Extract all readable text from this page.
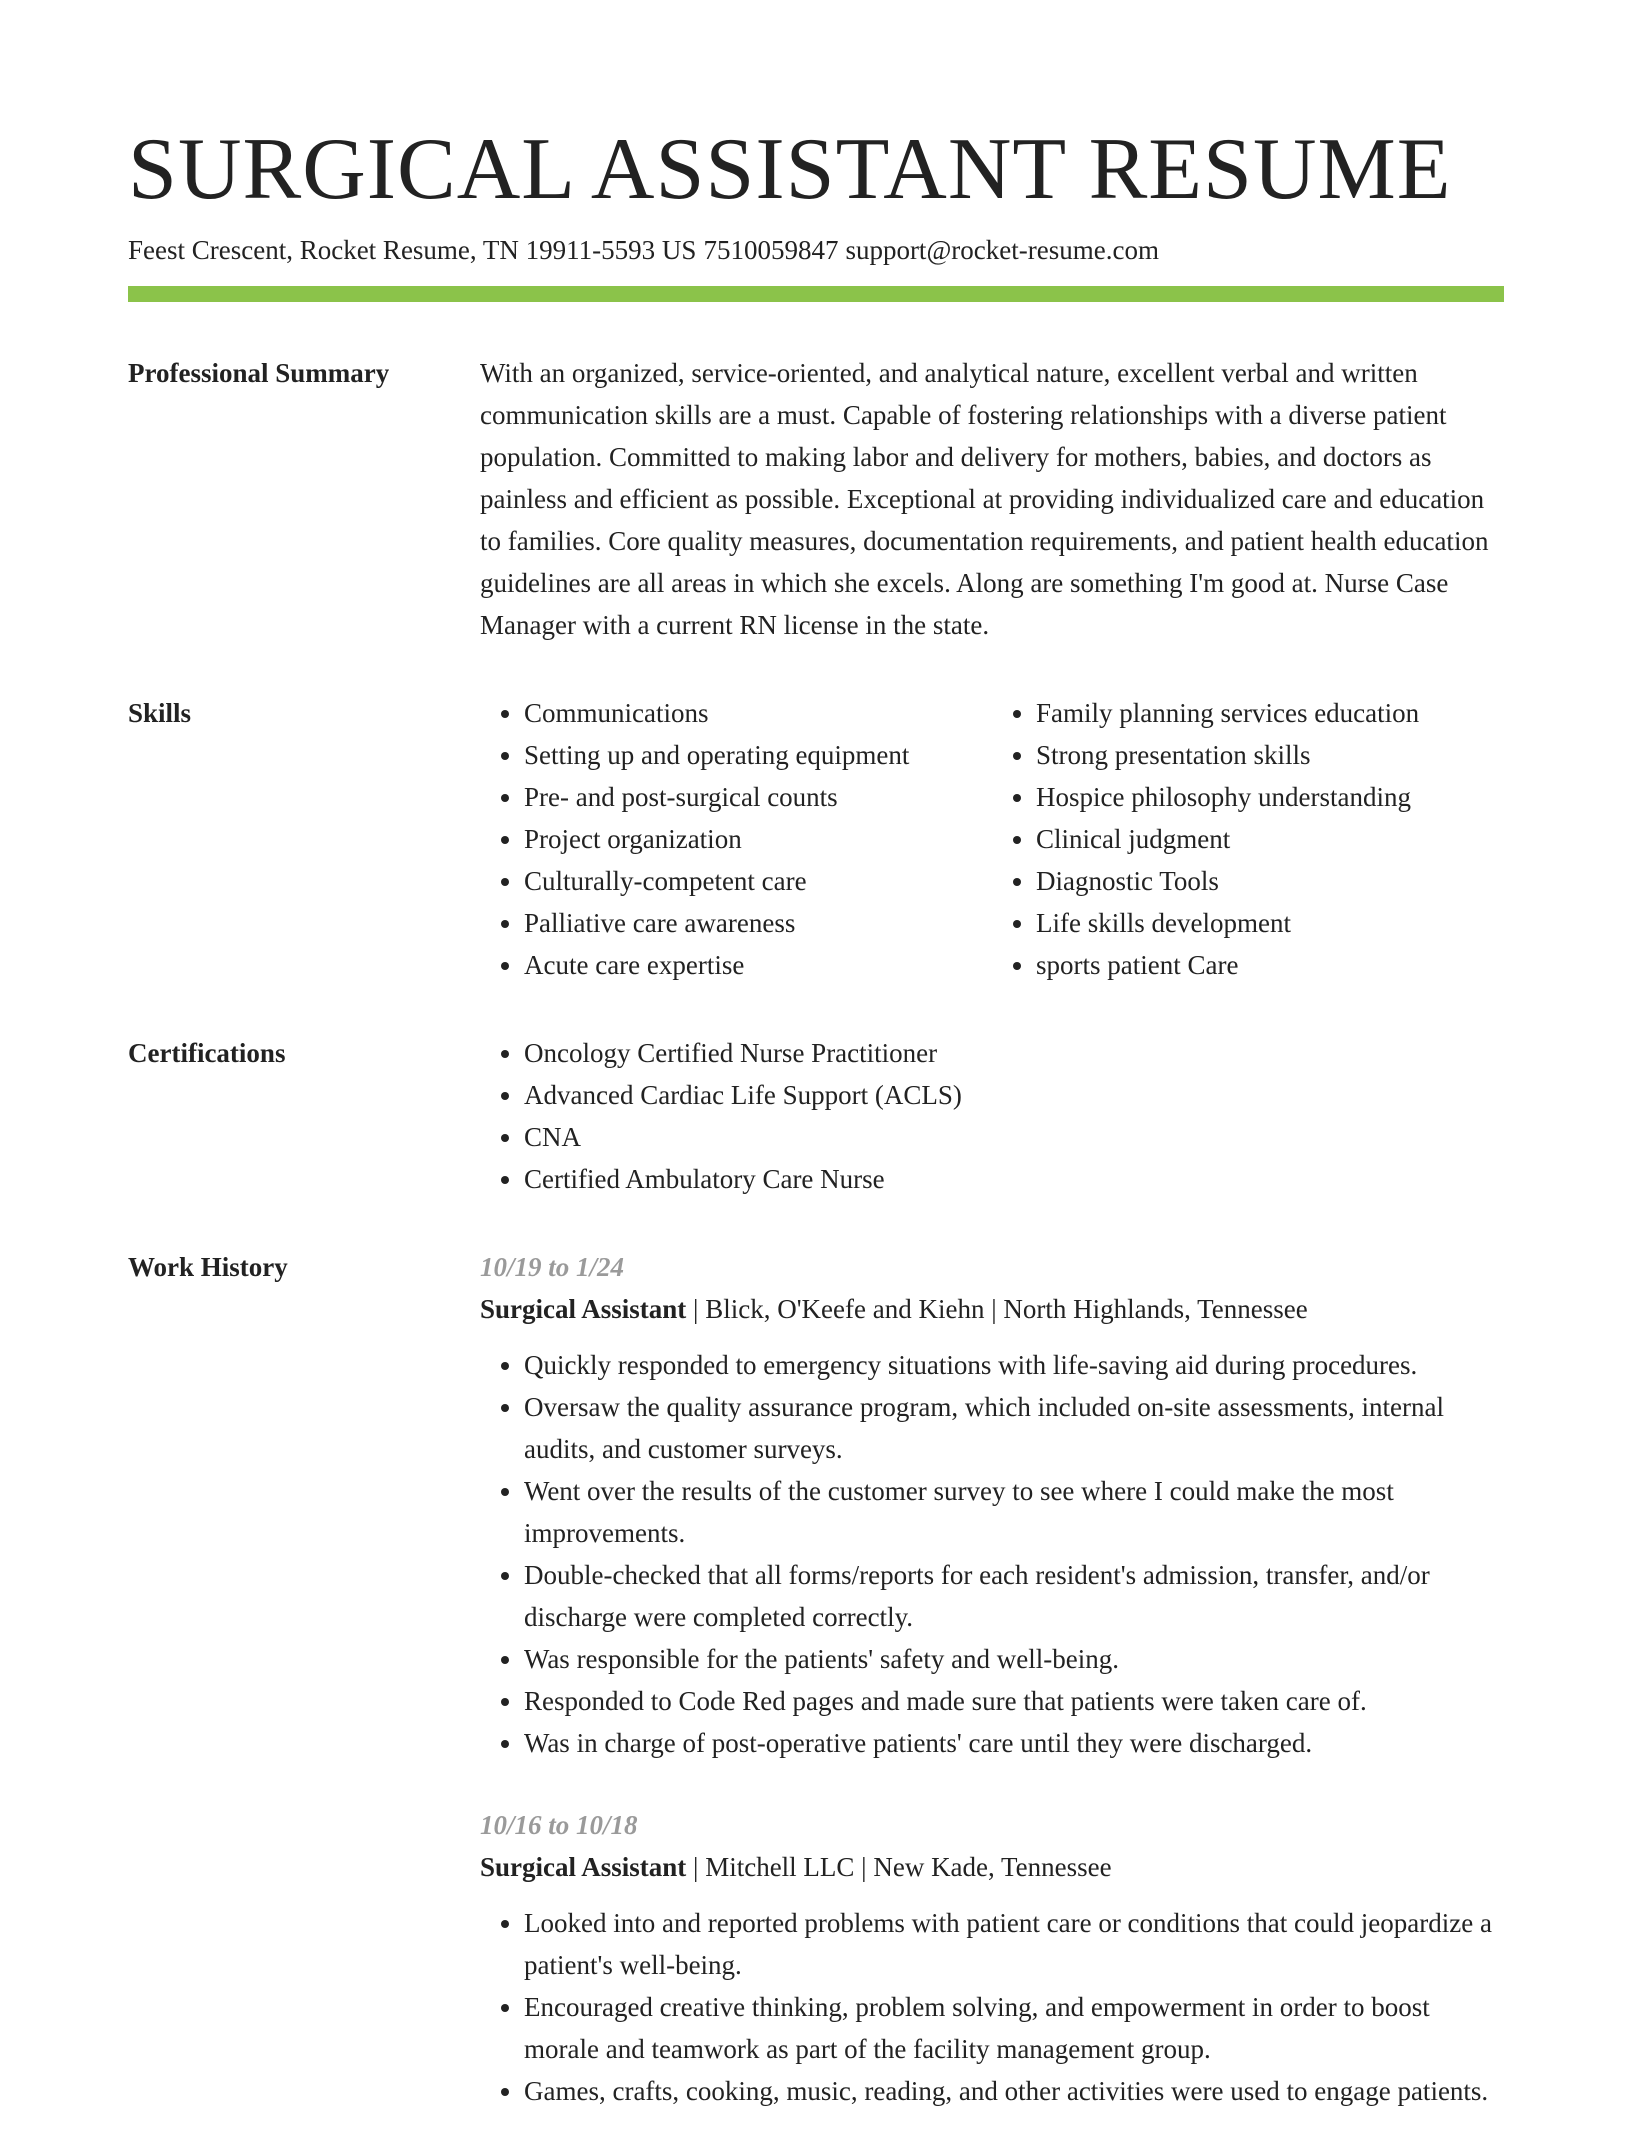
SURGICAL ASSISTANT RESUME
Feest Crescent, Rocket Resume, TN 19911-5593 US 7510059847 support@rocket-resume.com
Professional Summary	With an organized, service-oriented, and analytical nature, excellent verbal and written communication skills are a must. Capable of fostering relationships with a diverse patient population. Committed to making labor and delivery for mothers, babies, and doctors as painless and efficient as possible. Exceptional at providing individualized care and education to families. Core quality measures, documentation requirements, and patient health education guidelines are all areas in which she excels. Along are something I'm good at. Nurse Case Manager with a current RN license in the state.

Skills	• Communications
• Setting up and operating equipment
• Pre- and post-surgical counts
• Project organization
• Culturally-competent care
• Palliative care awareness
• Acute care expertise
• Family planning services education
• Strong presentation skills
• Hospice philosophy understanding
• Clinical judgment
• Diagnostic Tools
• Life skills development
• sports patient Care
Certifications	• Oncology Certified Nurse Practitioner
• Advanced Cardiac Life Support (ACLS)
• CNA
• Certified Ambulatory Care Nurse
Work History	10/19 to 1/24
Surgical Assistant | Blick, O'Keefe and Kiehn | North Highlands, Tennessee
• Quickly responded to emergency situations with life-saving aid during procedures.
• Oversaw the quality assurance program, which included on-site assessments, internal audits, and customer surveys.
• Went over the results of the customer survey to see where I could make the most improvements.
• Double-checked that all forms/reports for each resident's admission, transfer, and/or discharge were completed correctly.
• Was responsible for the patients' safety and well-being.
• Responded to Code Red pages and made sure that patients were taken care of.
• Was in charge of post-operative patients' care until they were discharged.
10/16 to 10/18
Surgical Assistant | Mitchell LLC | New Kade, Tennessee
• Looked into and reported problems with patient care or conditions that could jeopardize a patient's well-being.
• Encouraged creative thinking, problem solving, and empowerment in order to boost morale and teamwork as part of the facility management group.
• Games, crafts, cooking, music, reading, and other activities were used to engage patients.
